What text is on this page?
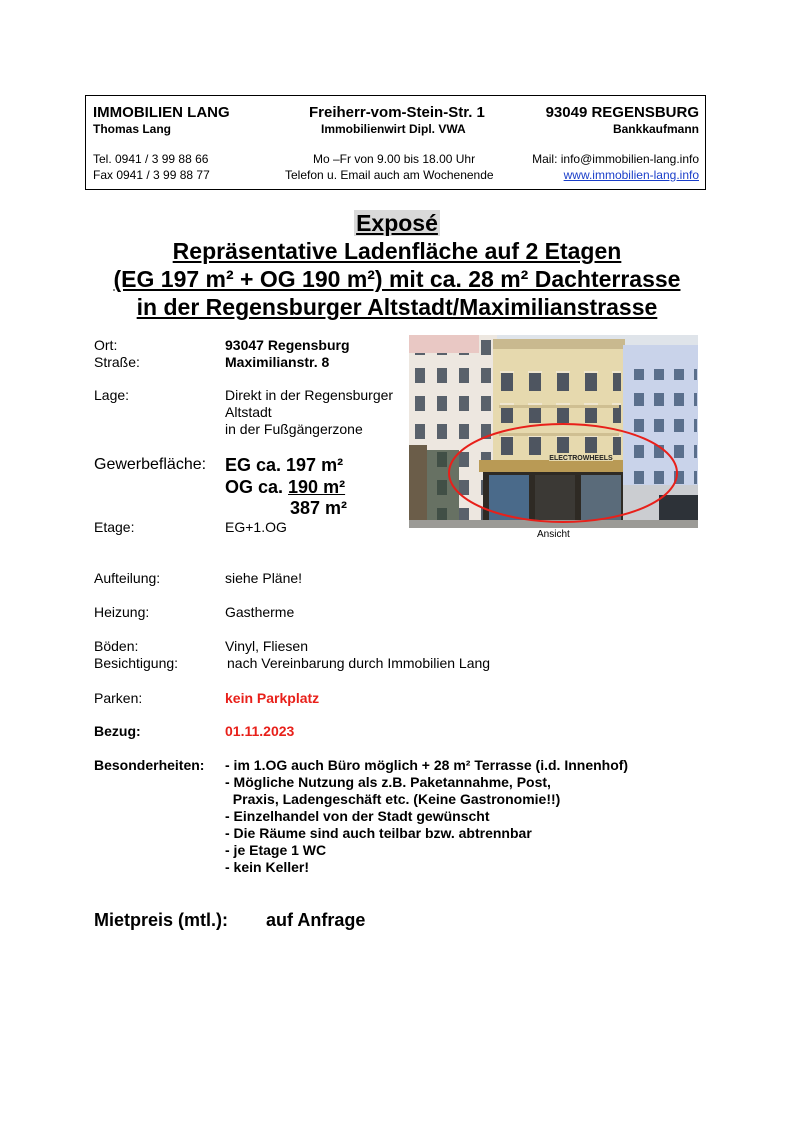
IMMOBILIEN LANG	Freiherr-vom-Stein-Str. 1	93049 REGENSBURG
Thomas Lang	Immobilienwirt Dipl. VWA	Bankkaufmann
Tel. 0941 / 3 99 88 66	Mo –Fr von 9.00 bis 18.00 Uhr	Mail: info@immobilien-lang.info
Fax 0941 / 3 99 88 77	Telefon u. Email auch am Wochenende	www.immobilien-lang.info
Exposé
Repräsentative Ladenfläche auf 2 Etagen
(EG 197 m² + OG 190 m²) mit ca. 28 m² Dachterrasse
in der Regensburger Altstadt/Maximilianstrasse
Ort:	93047 Regensburg
Straße:	Maximilianstr. 8
Lage:	Direkt in der Regensburger
Altstadt
in der Fußgängerzone
Gewerbefläche: EG ca. 197 m²
OG ca. 190 m²
387 m²
Etage:	EG+1.OG
Aufteilung:	siehe Pläne!
Heizung:	Gastherme
Böden:	Vinyl, Fliesen
Besichtigung:	nach Vereinbarung durch Immobilien Lang
Parken:	kein Parkplatz
Bezug:	01.11.2023
Besonderheiten: - im 1.OG auch Büro möglich + 28 m² Terrasse (i.d. Innenhof)
- Mögliche Nutzung als z.B. Paketannahme, Post,
Praxis, Ladengeschäft etc. (Keine Gastronomie!!)
- Einzelhandel von der Stadt gewünscht
- Die Räume sind auch teilbar bzw. abtrennbar
- je Etage 1 WC
- kein Keller!
Mietpreis (mtl.): auf Anfrage
ELECTROWHEELS
Ansicht
